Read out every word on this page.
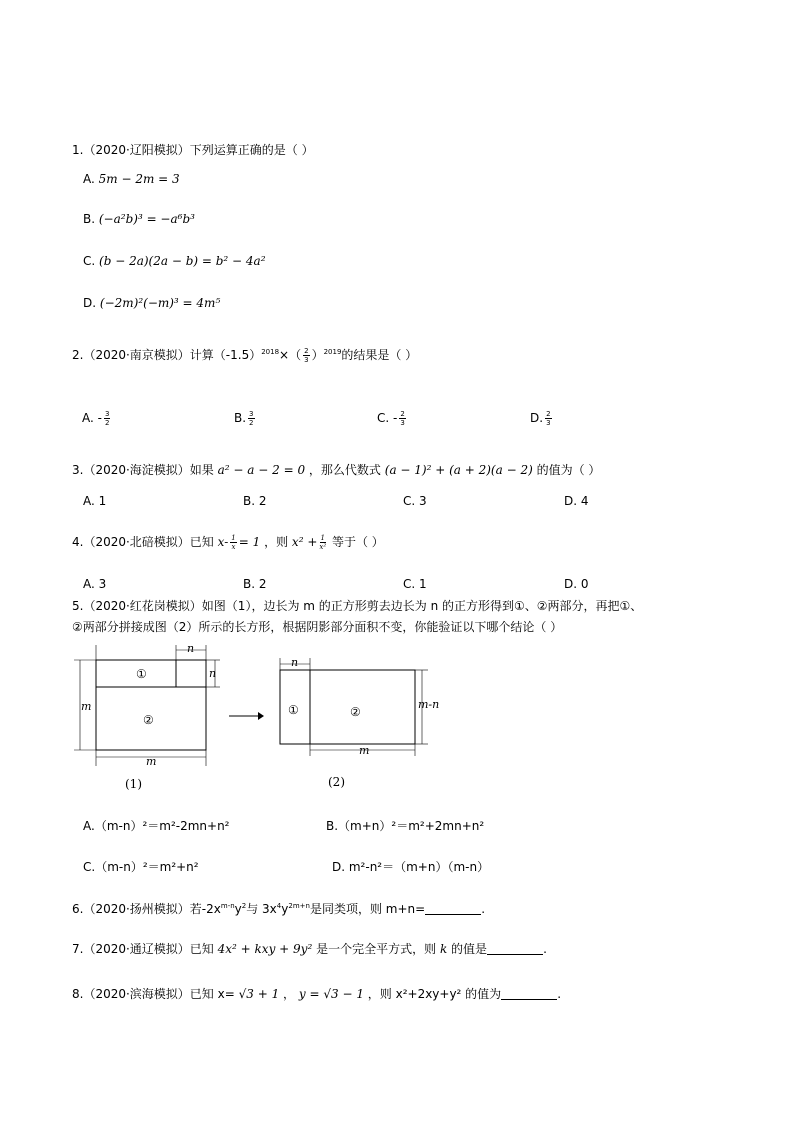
1.（2020·辽阳模拟）下列运算正确的是（ ）
A. 5m − 2m = 3
B. (−a²b)³ = −a⁶b³
C. (b − 2a)(2a − b) = b² − 4a²
D. (−2m)²(−m)³ = 4m⁵
2.（2020·南京模拟）计算$(-1.5)^{2018}\times( \frac{2}{3} )^{2019}$的结果是（ ）
A. - $\frac{3}{2}$	B. $\frac{3}{2}$	C. - $\frac{2}{3}$	D. $\frac{2}{3}$
3.（2020·海淀模拟）如果 a² − a − 2 = 0 ，那么代数式 (a − 1)² + (a + 2)(a − 2) 的值为（ ）
A. 1	B. 2	C. 3	D. 4
4.（2020·北碚模拟）已知 $x- \frac{1}{x} = 1$ ，则 $x^2 + \frac{1}{\text{x²}}$ 等于（ ）
A. 3	B. 2	C. 1	D. 0
5.（2020·红花岗模拟）如图（1），边长为 m 的正方形剪去边长为 n 的正方形得到①、②两部分，再把①、
②两部分拼接成图（2）所示的长方形，根据阴影部分面积不变，你能验证以下哪个结论（ ）
①
②
n
n
m
m
(1)
①	②
n
m-n
m
(2)
A.（m-n）²＝m²-2mn+n²	B.（m+n）²＝m²+2mn+n²
C.（m-n）²＝m²+n²	D. m²-n²＝（m+n）（m-n）
6.（2020·扬州模拟）若$-2x^{m-n}y^2$与 $3x^4y^{2m+n}$是同类项，则 m+n=	.
7.（2020·通辽模拟）已知 4x² + kxy + 9y² 是一个完全平方式，则 k 的值是	.
8.（2020·滨海模拟）已知 x= √3 + 1 ， y = √3 − 1 ，则 x²+2xy+y² 的值为	.
